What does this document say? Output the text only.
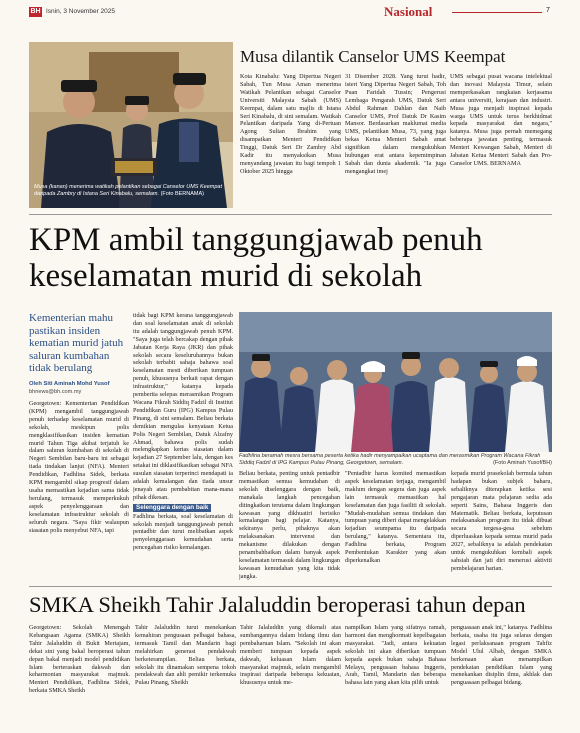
BH Isnin, 3 November 2025	Nasional	7
Musa (kanan) menerima watikah pelantikan sebagai Canselor UMS Keempat daripada Zambry di Istana Seri Kinabalu, semalam. (Foto BERNAMA)
Musa dilantik Canselor UMS Keempat

Kota Kinabalu: Yang Dipertua Negeri Sabah, Tun Musa Aman menerima Watikah Pelantikan sebagai Canselor Universiti Malaysia Sabah (UMS) Keempat, dalam satu majlis di Istana Seri Kinabalu, di sini semalam. Watikah Pelantikan daripada Yang di-Pertuan Agong Sultan Ibrahim yang disampaikan Menteri Pendidikan Tinggi, Datuk Seri Dr Zambry Abd Kadir itu menyaksikan Musa menyandang jawatan itu bagi tempoh 1 Oktober 2025 hingga

31 Disember 2028. Yang turut hadir, isteri Yang Dipertua Negeri Sabah, Toh Puan Faridah Tussin; Pengerusi Lembaga Pengarah UMS, Datuk Seri Abdul Rahman Dahlan dan Naib Canselor UMS, Prof Datuk Dr Kasim Mansor. Berdasarkan maklumat media UMS, pelantikan Musa, 73, yang juga bekas Ketua Menteri Sabah amat signifikan dalam mengukuhkan hubungan erat antara kepemimpinan Sabah dan dunia akademik. "Ia juga mengangkat imej

UMS sebagai pusat wacana intelektual dan inovasi Malaysia Timur, selain memperkasakan rangkaian kerjasama antara universiti, kerajaan dan industri. Musa juga menjadi inspirasi kepada warga UMS untuk terus berkhidmat kepada masyarakat dan negara," katanya. Musa juga pernah memegang beberapa jawatan penting, termasuk Menteri Kewangan Sabah, Menteri di Jabatan Ketua Menteri Sabah dan Pro-Canselor UMS. BERNAMA

KPM ambil tanggungjawab penuh keselamatan murid di sekolah
Kementerian mahu pastikan insiden kematian murid jatuh saluran kumbahan tidak berulang
Oleh Siti Aminah Mohd Yusof
bhnews@bh.com.my

Georgetown: Kementerian Pendidikan (KPM) mengambil tanggungjawab penuh terhadap keselamatan murid di sekolah, meskipun polis mengklasifikasikan insiden kematian murid Tahun Tiga akibat terjatuh ke dalam saluran kumbahan di sekolah di Negeri Sembilan baru-baru ini sebagai tiada tindakan lanjut (NFA). Menteri Pendidikan, Fadhlina Sidek, berkata KPM mengambil sikap progresif dalam usaha memastikan kejadian sama tidak berulang, termasuk memperkukuh aspek penyelenggaraan dan keselamatan infrastruktur sekolah di seluruh negara. "Saya fikir walaupun siasatan polis menyebut NFA, tapi

tidak bagi KPM kerana tanggungjawab dan soal keselamatan anak di sekolah itu adalah tanggungjawab penuh KPM. "Saya juga telah bercakap dengan pihak Jabatan Kerja Raya (JKR) dan pihak sekolah secara keseluruhannya bukan sekolah terbabit sahaja bahawa soal keselamatan mesti diberikan tumpuan penuh, khususnya berkait rapat dengan infrastruktur," katanya kepada pemberita selepas merasmikan Program Wacana Fikrah Siddiq Fadzil di Institut Pendidikan Guru (IPG) Kampus Pulau Pinang, di sini semalam. Beliau berkata demikian mengulas kenyataan Ketua Polis Negeri Sembilan, Datuk Alzafny Ahmad, bahawa polis sudah melengkapkan kertas siasatan dalam kejadian 27 September lalu, dengan kes setakat ini diklasifikasikan sebagai NFA susulan siasatan terperinci mendapati ia adalah kemalangan dan tiada unsur jenayah atau pembabitan mana-mana pihak dikesan.

Selenggara dengan baik

Fadhlina berkata, soal keselamatan di sekolah menjadi tanggungjawab penuh pentadbir dan turut melibatkan aspek penyelenggaraan kemudahan serta pencegahan risiko kemalangan.

Fadhlina beramah mesra bersama peserta ketika hadir menyampaikan ucaptama dan merasmikan Program Wacana Fikrah Siddiq Fadzil di IPG Kampus Pulau Pinang, Georgetown, semalam.	(Foto Aminah Yusof/BH)

Beliau berkata, penting untuk pentadbir memastikan semua kemudahan di sekolah diselenggara dengan baik, manakala langkah pencegahan ditingkatkan terutama dalam lingkungan kawasan yang dikhuatiri berisiko kemalangan bagi pelajar. Katanya, sekiranya perlu, pihaknya akan melaksanakan intervensi dan mekanisme dilakukan dengan penambahbaikan dalam banyak aspek keselamatan termasuk dalam lingkungan kawasan kemudahan yang kita tidak jangka.

"Pentadbir harus komited memastikan aspek keselamatan terjaga, mengambil maklum dengan segera dan juga aspek lain termasuk memastikan hal keselamatan dan juga fasiliti di sekolah. "Mudah-mudahan semua tindakan dan tumpuan yang diberi dapat mengelakkan kejadian seumpama itu daripada berulang," katanya. Sementara itu, Fadhlina berkata, Program Pembentukan Karakter yang akan diperkenalkan

kepada murid prasekolah bermula tahun hadapan bukan subjek baharu, sebaliknya diterapkan ketika sesi pengajaran mata pelajaran sedia ada seperti Sains, Bahasa Inggeris dan Matematik. Beliau berkata, keputusan melaksanakan program itu tidak dibuat secara tergesa-gesa sebelum diperluaskan kepada semua murid pada 2027, sebaliknya ia adalah pendekatan untuk mengukuhkan kembali aspek sahsiah dan jati diri menerusi aktiviti pembelajaran harian.

SMKA Sheikh Tahir Jalaluddin beroperasi tahun depan

Georgetown: Sekolah Menengah Kebangsaan Agama (SMKA) Sheikh Tahir Jalaluddin di Bukit Mertajam, dekat sini yang bakal beroperasi tahun depan bakal menjadi model pendidikan Islam berteraskan dakwah dan keharmonian masyarakat majmuk. Menteri Pendidikan, Fadhlina Sidek, berkata SMKA Sheikh

Tahir Jalaluddin turut menekankan kemahiran pengusaan pelbagai bahasa, termasuk Tamil dan Mandarin bagi melahirkan generasi pendakwah berketerampilan. Beliau berkata, sekolah itu dinamakan sempena tokoh pendakwah dan ahli pemikir terkemuka Pulau Pinang, Sheikh

Tahir Jalaluddin yang dikenali atas sumbangannya dalam bidang ilmu dan pembaharuan Islam. "Sekolah ini akan memberi tumpuan kepada aspek dakwah, keluasan Islam dalam masyarakat majmuk, selain mengambil inspirasi daripada beberapa kekuatan, khususnya untuk me-

nampilkan Islam yang sifatnya ramah, harmoni dan menghormati kepelbagaian masyarakat. "Jadi, antara kekuatan sekolah ini akan diberikan tumpuan kepada aspek bukan sahaja Bahasa Melayu, pengusaan bahasa Inggeris, Arab, Tamil, Mandarin dan beberapa bahasa lain yang akan kita pilih untuk

penguasaan anak ini," katanya. Fadhlina berkata, usaha itu juga selaras dengan legasi perlaksanaan program Tahfiz Model Ulul Albab, dengan SMKA berkenaan akan menampilkan pendekatan pendidikan Islam yang menekankan disiplin ilmu, akhlak dan penguasaan pelbagai bidang.
